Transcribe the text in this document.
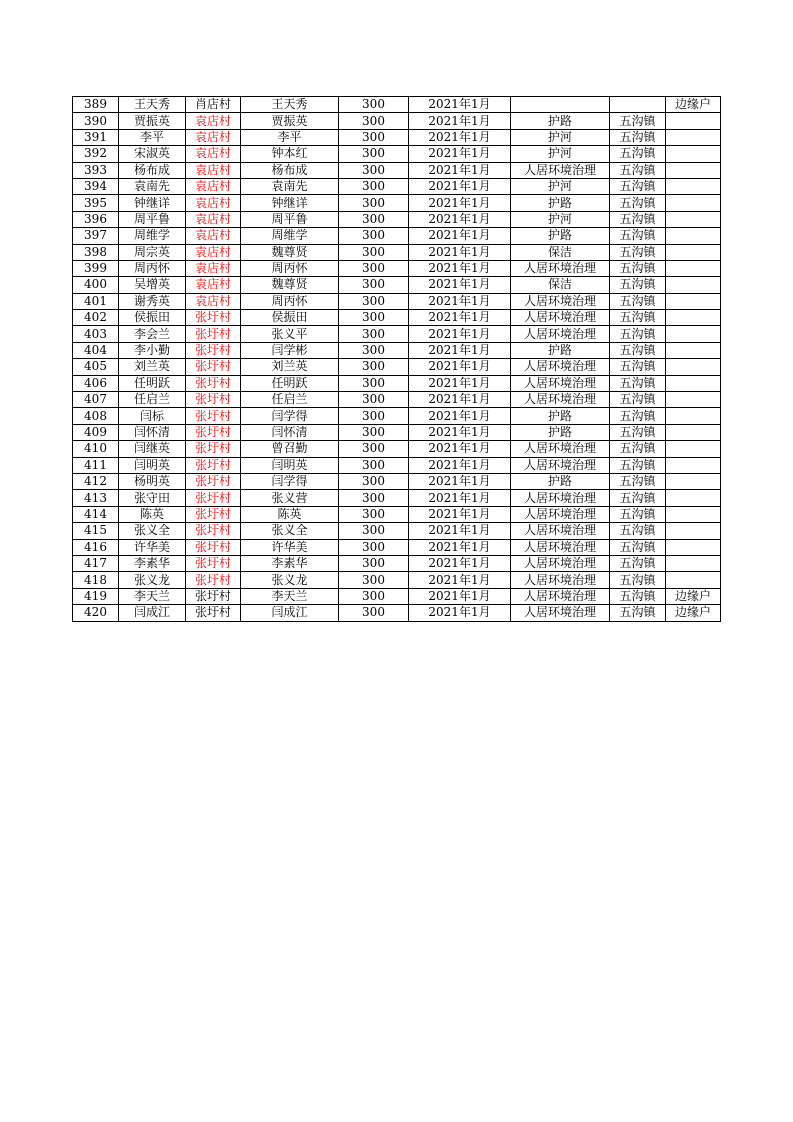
389	王天秀	肖店村	王天秀	300	2021年1月			边缘户
390	贾振英	袁店村	贾振英	300	2021年1月	护路	五沟镇	
391	李平	袁店村	李平	300	2021年1月	护河	五沟镇	
392	宋淑英	袁店村	钟本红	300	2021年1月	护河	五沟镇	
393	杨布成	袁店村	杨布成	300	2021年1月	人居环境治理	五沟镇	
394	袁南先	袁店村	袁南先	300	2021年1月	护河	五沟镇	
395	钟继详	袁店村	钟继详	300	2021年1月	护路	五沟镇	
396	周平鲁	袁店村	周平鲁	300	2021年1月	护河	五沟镇	
397	周维学	袁店村	周维学	300	2021年1月	护路	五沟镇	
398	周宗英	袁店村	魏尊贤	300	2021年1月	保洁	五沟镇	
399	周丙怀	袁店村	周丙怀	300	2021年1月	人居环境治理	五沟镇	
400	吴增英	袁店村	魏尊贤	300	2021年1月	保洁	五沟镇	
401	谢秀英	袁店村	周丙怀	300	2021年1月	人居环境治理	五沟镇	
402	侯振田	张圩村	侯振田	300	2021年1月	人居环境治理	五沟镇	
403	李会兰	张圩村	张义平	300	2021年1月	人居环境治理	五沟镇	
404	李小勤	张圩村	闫学彬	300	2021年1月	护路	五沟镇	
405	刘兰英	张圩村	刘兰英	300	2021年1月	人居环境治理	五沟镇	
406	任明跃	张圩村	任明跃	300	2021年1月	人居环境治理	五沟镇	
407	任启兰	张圩村	任启兰	300	2021年1月	人居环境治理	五沟镇	
408	闫标	张圩村	闫学得	300	2021年1月	护路	五沟镇	
409	闫怀清	张圩村	闫怀清	300	2021年1月	护路	五沟镇	
410	闫继英	张圩村	曾召勤	300	2021年1月	人居环境治理	五沟镇	
411	闫明英	张圩村	闫明英	300	2021年1月	人居环境治理	五沟镇	
412	杨明英	张圩村	闫学得	300	2021年1月	护路	五沟镇	
413	张守田	张圩村	张义营	300	2021年1月	人居环境治理	五沟镇	
414	陈英	张圩村	陈英	300	2021年1月	人居环境治理	五沟镇	
415	张义全	张圩村	张义全	300	2021年1月	人居环境治理	五沟镇	
416	许华美	张圩村	许华美	300	2021年1月	人居环境治理	五沟镇	
417	李素华	张圩村	李素华	300	2021年1月	人居环境治理	五沟镇	
418	张义龙	张圩村	张义龙	300	2021年1月	人居环境治理	五沟镇	
419	李天兰	张圩村	李天兰	300	2021年1月	人居环境治理	五沟镇	边缘户
420	闫成江	张圩村	闫成江	300	2021年1月	人居环境治理	五沟镇	边缘户
